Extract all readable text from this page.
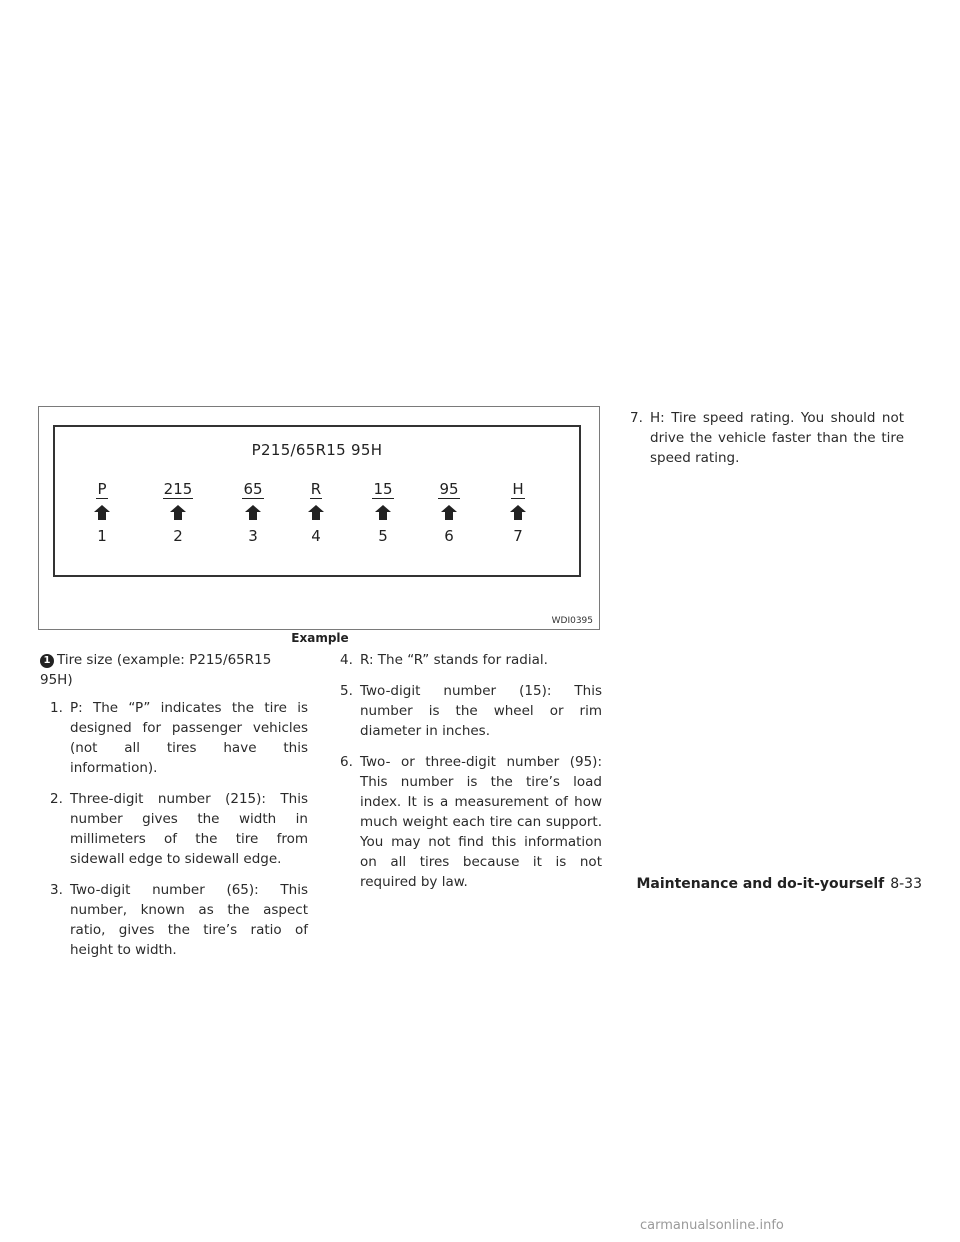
P215/65R15 95H
P
1
215
2
65
3
R
4
15
5
95
6
H
7
WDI0395
Example
1 Tire size (example: P215/65R15 95H)
1. P: The “P” indicates the tire is designed for passenger vehicles (not all tires have this information).
2. Three-digit number (215): This number gives the width in millimeters of the tire from sidewall edge to sidewall edge.
3. Two-digit number (65): This number, known as the aspect ratio, gives the tire’s ratio of height to width.
4. R: The “R” stands for radial.
5. Two-digit number (15): This number is the wheel or rim diameter in inches.
6. Two- or three-digit number (95): This number is the tire’s load index. It is a measurement of how much weight each tire can support. You may not find this information on all tires because it is not required by law.
7. H: Tire speed rating. You should not drive the vehicle faster than the tire speed rating.
Maintenance and do-it-yourself 8-33
carmanualsonline.info
